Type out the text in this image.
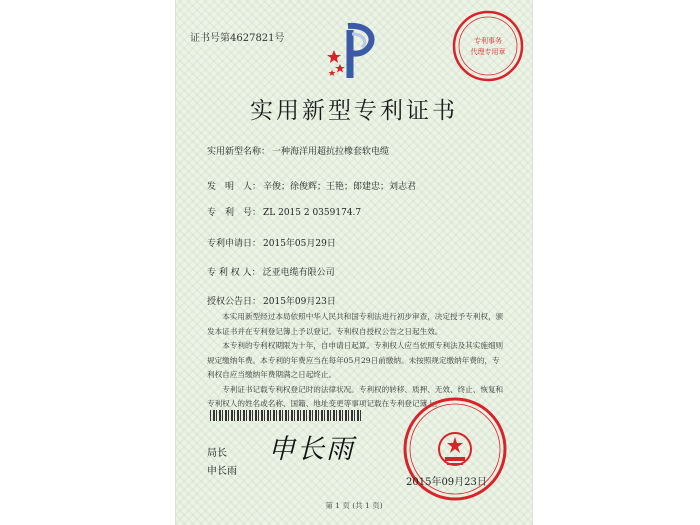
证书号第4627821号	专利事务
代理专用章
实用新型专利证书
实用新型名称： 一种海洋用超抗拉橡套软电缆
发　明　人： 辛俊；徐俊辉；王艳；郎建忠；刘志君
专　利　号： ZL 2015 2 0359174.7
专利申请日： 2015年05月29日
专 利 权 人： 泛亚电缆有限公司
授权公告日： 2015年09月23日

本实用新型经过本局依照中华人民共和国专利法进行初步审查，决定授予专利权，颁发本证书并在专利登记簿上予以登记。专利权自授权公告之日起生效。

本专利的专利权期限为十年，自申请日起算。专利权人应当依照专利法及其实施细则规定缴纳年费。本专利的年费应当在每年05月29日前缴纳。未按照规定缴纳年费的，专利权自应当缴纳年费期满之日起终止。

专利证书记载专利权登记时的法律状况。专利权的转移、质押、无效、终止、恢复和专利权人的姓名或名称、国籍、地址变更等事项记载在专利登记簿上。

局长
申长雨
申长雨
2015年09月23日
第 1 页 (共 1 页)
